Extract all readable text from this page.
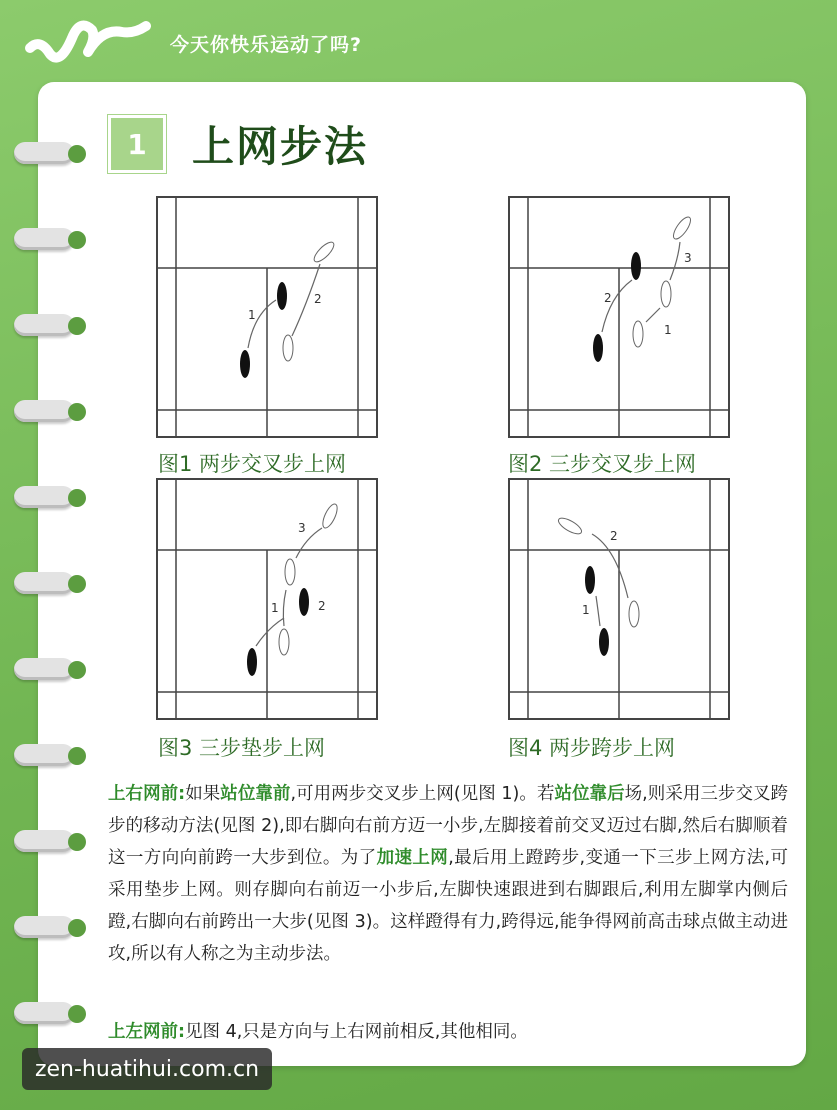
今天你快乐运动了吗?
1	上网步法
1
2
图1 两步交叉步上网
1
2
3
图2 三步交叉步上网
1	2
3
图3 三步垫步上网
1
2
图4 两步跨步上网
上右网前:如果站位靠前,可用两步交叉步上网(见图 1)。若站位靠后场,则采用三步交叉跨步的移动方法(见图 2),即右脚向右前方迈一小步,左脚接着前交叉迈过右脚,然后右脚顺着这一方向向前跨一大步到位。为了加速上网,最后用上蹬跨步,变通一下三步上网方法,可采用垫步上网。则存脚向右前迈一小步后,左脚快速跟进到右脚跟后,利用左脚掌内侧后蹬,右脚向右前跨出一大步(见图 3)。这样蹬得有力,跨得远,能争得网前高击球点做主动进攻,所以有人称之为主动步法。
上左网前:见图 4,只是方向与上右网前相反,其他相同。
zen-huatihui.com.cn
